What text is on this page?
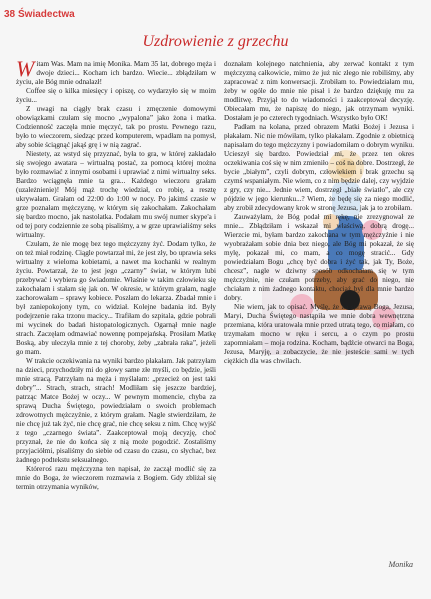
38 Świadectwa
Uzdrowienie z grzechu

W itam Was. Mam na imię Monika. Mam 35 lat, dobrego męża i dwoje dzieci... Kocham ich bardzo. Wiecie... zbłądziłam w życiu, ale Bóg mnie odnalazł!

Coffee się o kilka miesięcy i opiszę, co wydarzyło się w moim życiu...

Z uwagi na ciągły brak czasu i zmęczenie domowymi obowiązkami czułam się mocno „wypalona” jako żona i matka. Codzienność zaczęła mnie męczyć, tak po prostu. Pewnego razu, było to wieczorem, siedząc przed komputerem, wpadłam na pomysł, aby sobie ściągnąć jakąś grę i w nią zagrać.

Niestety, az wstyd się przyznać, była to gra, w której zakładało się swojego awatara – wirtualną postać, za pomocą której można było rozmawiać z innymi osobami i uprawiać z nimi wirtualny seks. Bardzo wciągnęła mnie ta gra... Każdego wieczoru grałam (uzależnienie)! Mój mąż trochę wiedział, co robię, a resztę ukrywałam. Grałam od 22:00 do 1:00 w nocy. Po jakimś czasie w grze poznałam mężczyznę, w którym się zakochałam. Zakochałam się bardzo mocno, jak nastolatka. Podałam mu swój numer skype'a i od tej pory codziennie ze sobą pisaliśmy, a w grze uprawialiśmy seks wirtualny.

Czułam, że nie mogę bez tego mężczyzny żyć. Dodam tylko, że on też miał rodzinę. Ciągle powtarzał mi, że jest zły, bo uprawia seks wirtualny z wieloma kobietami, a nawet ma kochanki w realnym życiu. Powtarzał, że to jest jego „czarny” świat, w którym lubi przebywać i wybiera go świadomie. Właśnie w takim człowieku się zakochałam i stałam się jak on. W okresie, w którym grałam, nagle zachorowałam – sprawy kobiece. Poszłam do lekarza. Zbadał mnie i był zaniepokojony tym, co widział. Kolejne badania itd. Były podejrzenie raka trzonu macicy... Trafiłam do szpitala, gdzie pobrali mi wycinek do badań histopatologicznych. Ogarnął mnie nagle strach. Zaczęłam odmawiać nowennę pompejańską. Prosiłam Matkę Boską, aby uleczyła mnie z tej choroby, żeby „zabrała raka”, jeżeli go mam.

W trakcie oczekiwania na wyniki bardzo płakałam. Jak patrzyłam na dzieci, przychodziły mi do głowy same złe myśli, co będzie, jeśli mnie stracą. Patrzyłam na męża i myślałam: „przecież on jest taki dobry”... Strach, strach, strach! Modliłam się jeszcze bardziej, patrząc Matce Bożej w oczy... W pewnym momencie, chyba za sprawą Ducha Świętego, powiedziałam o swoich problemach zdrowotnych mężczyźnie, z którym grałam. Nagle stwierdziłam, że nie chcę już tak żyć, nie chcę grać, nie chcę seksu z nim. Chcę wyjść z tego „czarnego świata”. Zaakceptował moją decyzję, choć przyznał, że nie do końca się z nią może pogodzić. Zostaliśmy przyjaciółmi, pisaliśmy do siebie od czasu do czasu, co słychać, bez żadnego podtekstu seksualnego.

Którегoś razu mężczyzna ten napisał, że zaczął modlić się za mnie do Boga, że wieczorem rozmawia z Bogiem. Gdy zbliżał się termin otrzymania wyników,

doznałam kolejnego natchnienia, aby zerwać kontakt z tym mężczyzną całkowicie, mimo że już nic złego nie robiliśmy, aby zapracować z nim konwersacji. Zrobiłam to. Powiedziałam mu, żeby w ogóle do mnie nie pisał i że bardzo dziękuję mu za modlitwę. Przyjął to do wiadomości i zaakceptował decyzję. Obiecałam mu, że napiszę do niego, jak otrzymam wyniki. Dostałam je po czterech tygodniach. Wszystko było OK!

Padłam na kolana, przed obrazem Matki Bożej i Jezusa i płakałam. Nic nie mówiłam, tylko płakałam. Zgodnie z obietnicą napisałam do tego mężczyzny i powiadomiłam o dobrym wyniku. Ucieszył się bardzo. Powiedział mi, że przez ten okres oczekiwania coś się w nim zmieniło – coś na dobre. Dostrzegł, że bycie „białym”, czyli dobrym, człowiekiem i brak grzechu są czymś wspaniałym. Nie wiem, co z nim będzie dalej, czy wyjdzie z gry, czy nie... Jednie wiem, dostrzegł „białe światło”, ale czy pójdzie w jego kierunku...? Wiem, że będę się za niego modlić, aby zrobił zdecydowany krok w stronę Jezusa, jak ja to zrobiłam.

Zauważyłam, że Bóg podał mi rękę, nie zrezygnował ze mnie... Zbłądziłam i wskazał mi właściwą, dobrą drogę... Wierzcie mi, byłam bardzo zakochana w tym mężczyźnie i nie wyobrażałam sobie dnia bez niego, ale Bóg mi pokazał, że się mylę, pokazał mi, co mam, a co mogę stracić... Gdy powiedziałam Bogu „chcę być dobra i żyć tak, jak Ty, Boże, chcesz”, nagle w dziwny sposób odkochałam się w tym mężczyźnie, nie czułam potrzeby, aby grać do niego, nie chciałam z nim żadnego kontaktu, chociaż był dla mnie bardzo dobry.

Nie wiem, jak to opisać. Myślę, że za sprawą Boga, Jezusa, Maryi, Ducha Świętego nastąpiła we mnie dobra wewnętrzna przemiana, która uratowała mnie przed utratą tego, co miałam, co trzymałam mocno w ręku i sercu, a o czym po prostu zapomniałam – moja rodzina. Kocham, bądźcie otwarci na Boga, Jezusa, Maryję, a zobaczycie, że nie jesteście sami w tych ciężkich dla was chwilach.

Monika
